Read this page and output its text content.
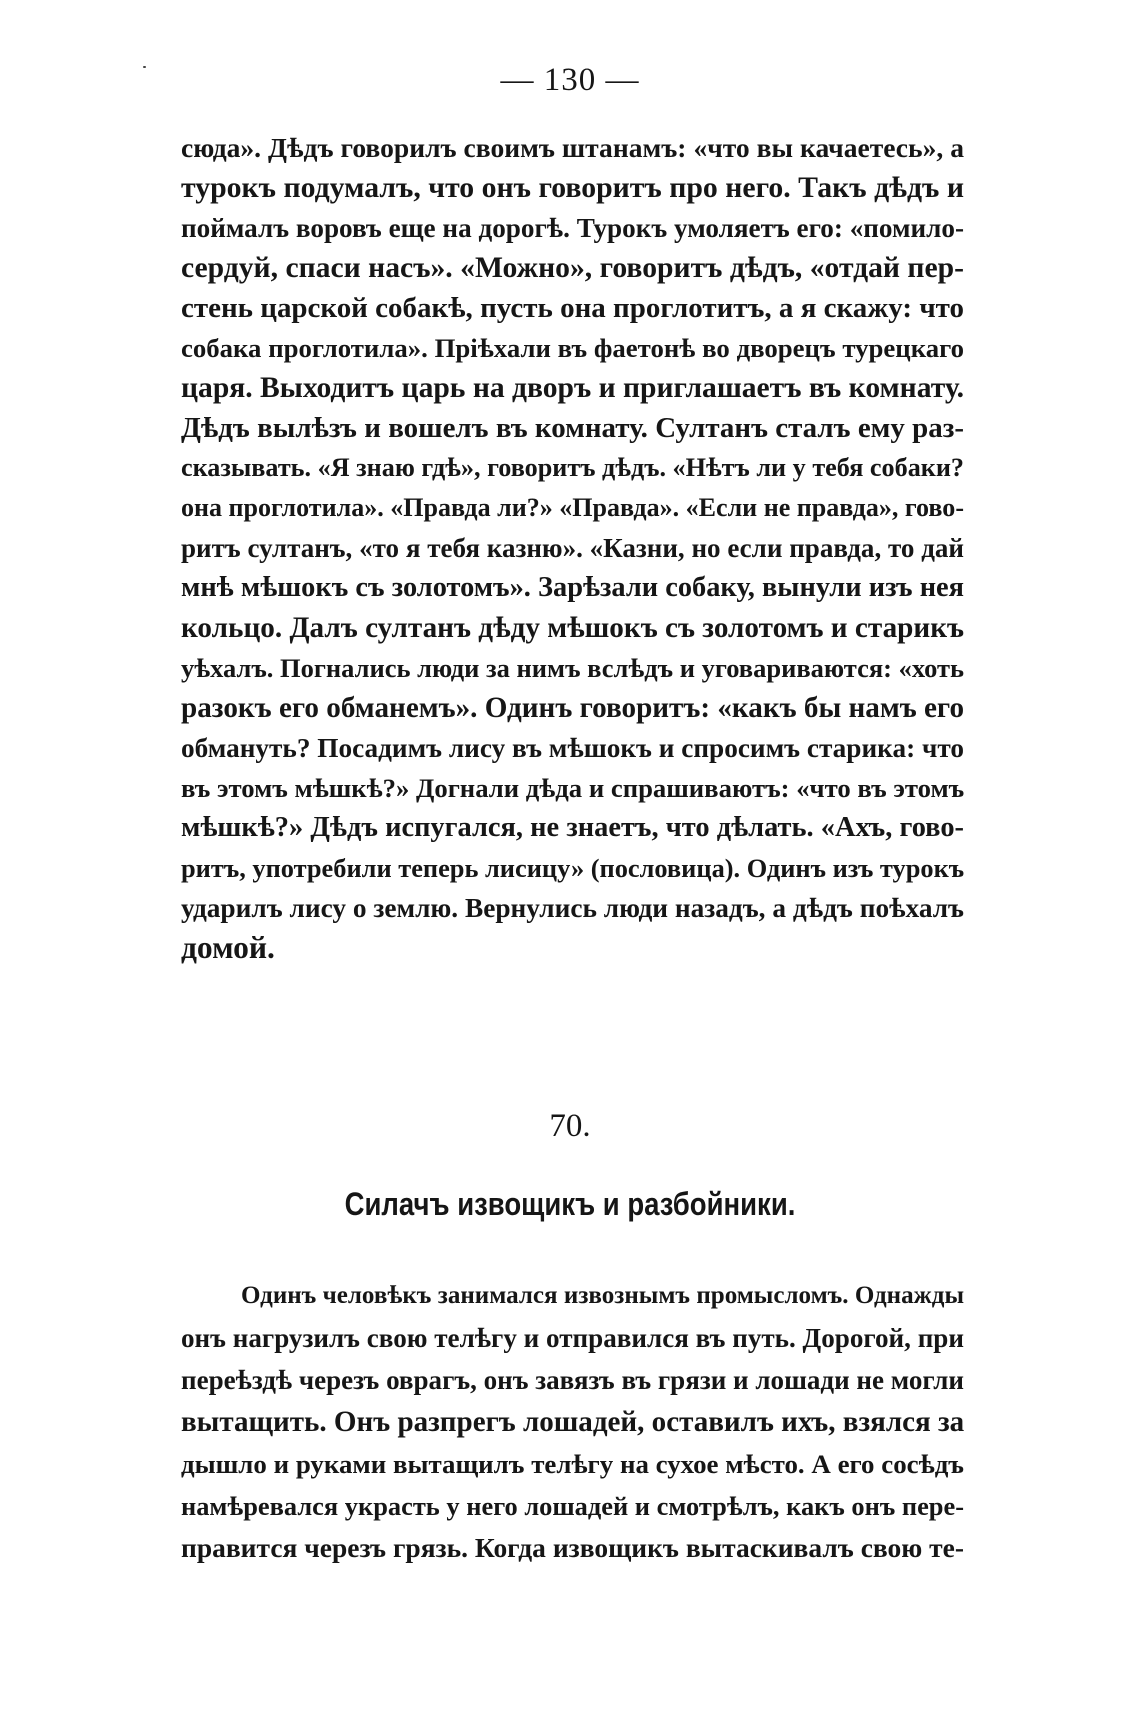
— 130 —
сюда». Дѣдъ говорилъ своимъ штанамъ: «что вы качаетесь», а
турокъ подумалъ, что онъ говоритъ про него. Такъ дѣдъ и
поймалъ воровъ еще на дорогѣ. Турокъ умоляетъ его: «помило-
сердуй, спаси насъ». «Можно», говоритъ дѣдъ, «отдай пер-
стень царской собакѣ, пусть она проглотитъ, а я скажу: что
собака проглотила». Пріѣхали въ фаетонѣ во дворецъ турецкаго
царя. Выходитъ царь на дворъ и приглашаетъ въ комнату.
Дѣдъ вылѣзъ и вошелъ въ комнату. Султанъ сталъ ему раз-
сказывать. «Я знаю гдѣ», говоритъ дѣдъ. «Нѣтъ ли у тебя собаки?
она проглотила». «Правда ли?» «Правда». «Если не правда», гово-
ритъ султанъ, «то я тебя казню». «Казни, но если правда, то дай
мнѣ мѣшокъ съ золотомъ». Зарѣзали собаку, вынули изъ нея
кольцо. Далъ султанъ дѣду мѣшокъ съ золотомъ и старикъ
уѣхалъ. Погнались люди за нимъ вслѣдъ и уговариваются: «хоть
разокъ его обманемъ». Одинъ говоритъ: «какъ бы намъ его
обмануть? Посадимъ лису въ мѣшокъ и спросимъ старика: что
въ этомъ мѣшкѣ?» Догнали дѣда и спрашиваютъ: «что въ этомъ
мѣшкѣ?» Дѣдъ испугался, не знаетъ, что дѣлать. «Ахъ, гово-
ритъ, употребили теперь лисицу» (пословица). Одинъ изъ турокъ
ударилъ лису о землю. Вернулись люди назадъ, а дѣдъ поѣхалъ
домой.
70.
Силачъ извощикъ и разбойники.
Одинъ человѣкъ занимался извознымъ промысломъ. Однажды
онъ нагрузилъ свою телѣгу и отправился въ путь. Дорогой, при
переѣздѣ черезъ оврагъ, онъ завязъ въ грязи и лошади не могли
вытащить. Онъ разпрегъ лошадей, оставилъ ихъ, взялся за
дышло и руками вытащилъ телѣгу на сухое мѣсто. А его сосѣдъ
намѣревался украсть у него лошадей и смотрѣлъ, какъ онъ пере-
правится черезъ грязь. Когда извощикъ вытаскивалъ свою те-
